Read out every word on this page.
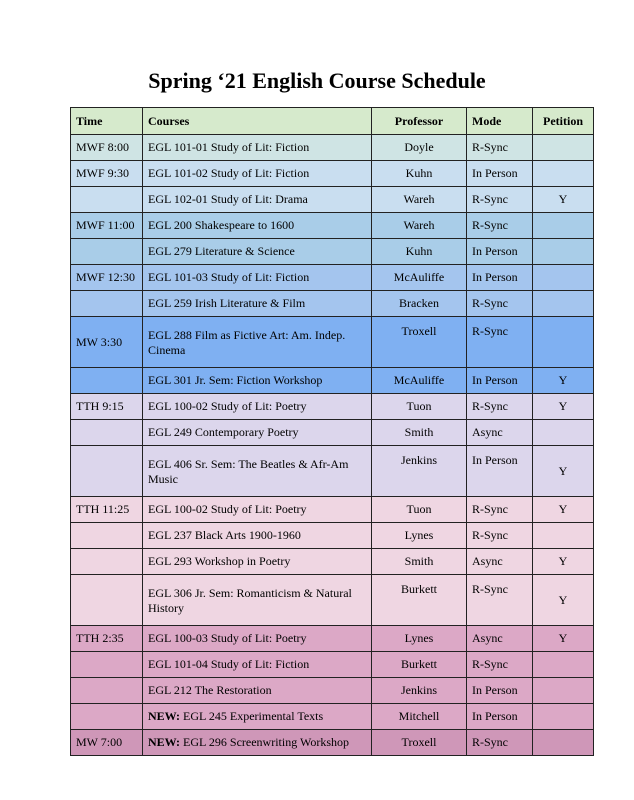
Spring ‘21 English Course Schedule
Time	Courses	Professor	Mode	Petition
MWF 8:00	EGL 101-01 Study of Lit: Fiction	Doyle	R-Sync	
MWF 9:30	EGL 101-02 Study of Lit: Fiction	Kuhn	In Person	
	EGL 102-01 Study of Lit: Drama	Wareh	R-Sync	Y
MWF 11:00	EGL 200 Shakespeare to 1600	Wareh	R-Sync	
	EGL 279 Literature & Science	Kuhn	In Person	
MWF 12:30	EGL 101-03 Study of Lit: Fiction	McAuliffe	In Person	
	EGL 259 Irish Literature & Film	Bracken	R-Sync	
MW 3:30	EGL 288 Film as Fictive Art: Am. Indep. Cinema	Troxell	R-Sync	
	EGL 301 Jr. Sem: Fiction Workshop	McAuliffe	In Person	Y
TTH 9:15	EGL 100-02 Study of Lit: Poetry	Tuon	R-Sync	Y
	EGL 249 Contemporary Poetry	Smith	Async	
	EGL 406 Sr. Sem: The Beatles & Afr-Am Music	Jenkins	In Person	Y
TTH 11:25	EGL 100-02 Study of Lit: Poetry	Tuon	R-Sync	Y
	EGL 237 Black Arts 1900-1960	Lynes	R-Sync	
	EGL 293 Workshop in Poetry	Smith	Async	Y
	EGL 306 Jr. Sem: Romanticism & Natural History	Burkett	R-Sync	Y
TTH 2:35	EGL 100-03 Study of Lit: Poetry	Lynes	Async	Y
	EGL 101-04 Study of Lit: Fiction	Burkett	R-Sync	
	EGL 212 The Restoration	Jenkins	In Person	
	NEW: EGL 245 Experimental Texts	Mitchell	In Person	
MW 7:00	NEW: EGL 296 Screenwriting Workshop	Troxell	R-Sync	
